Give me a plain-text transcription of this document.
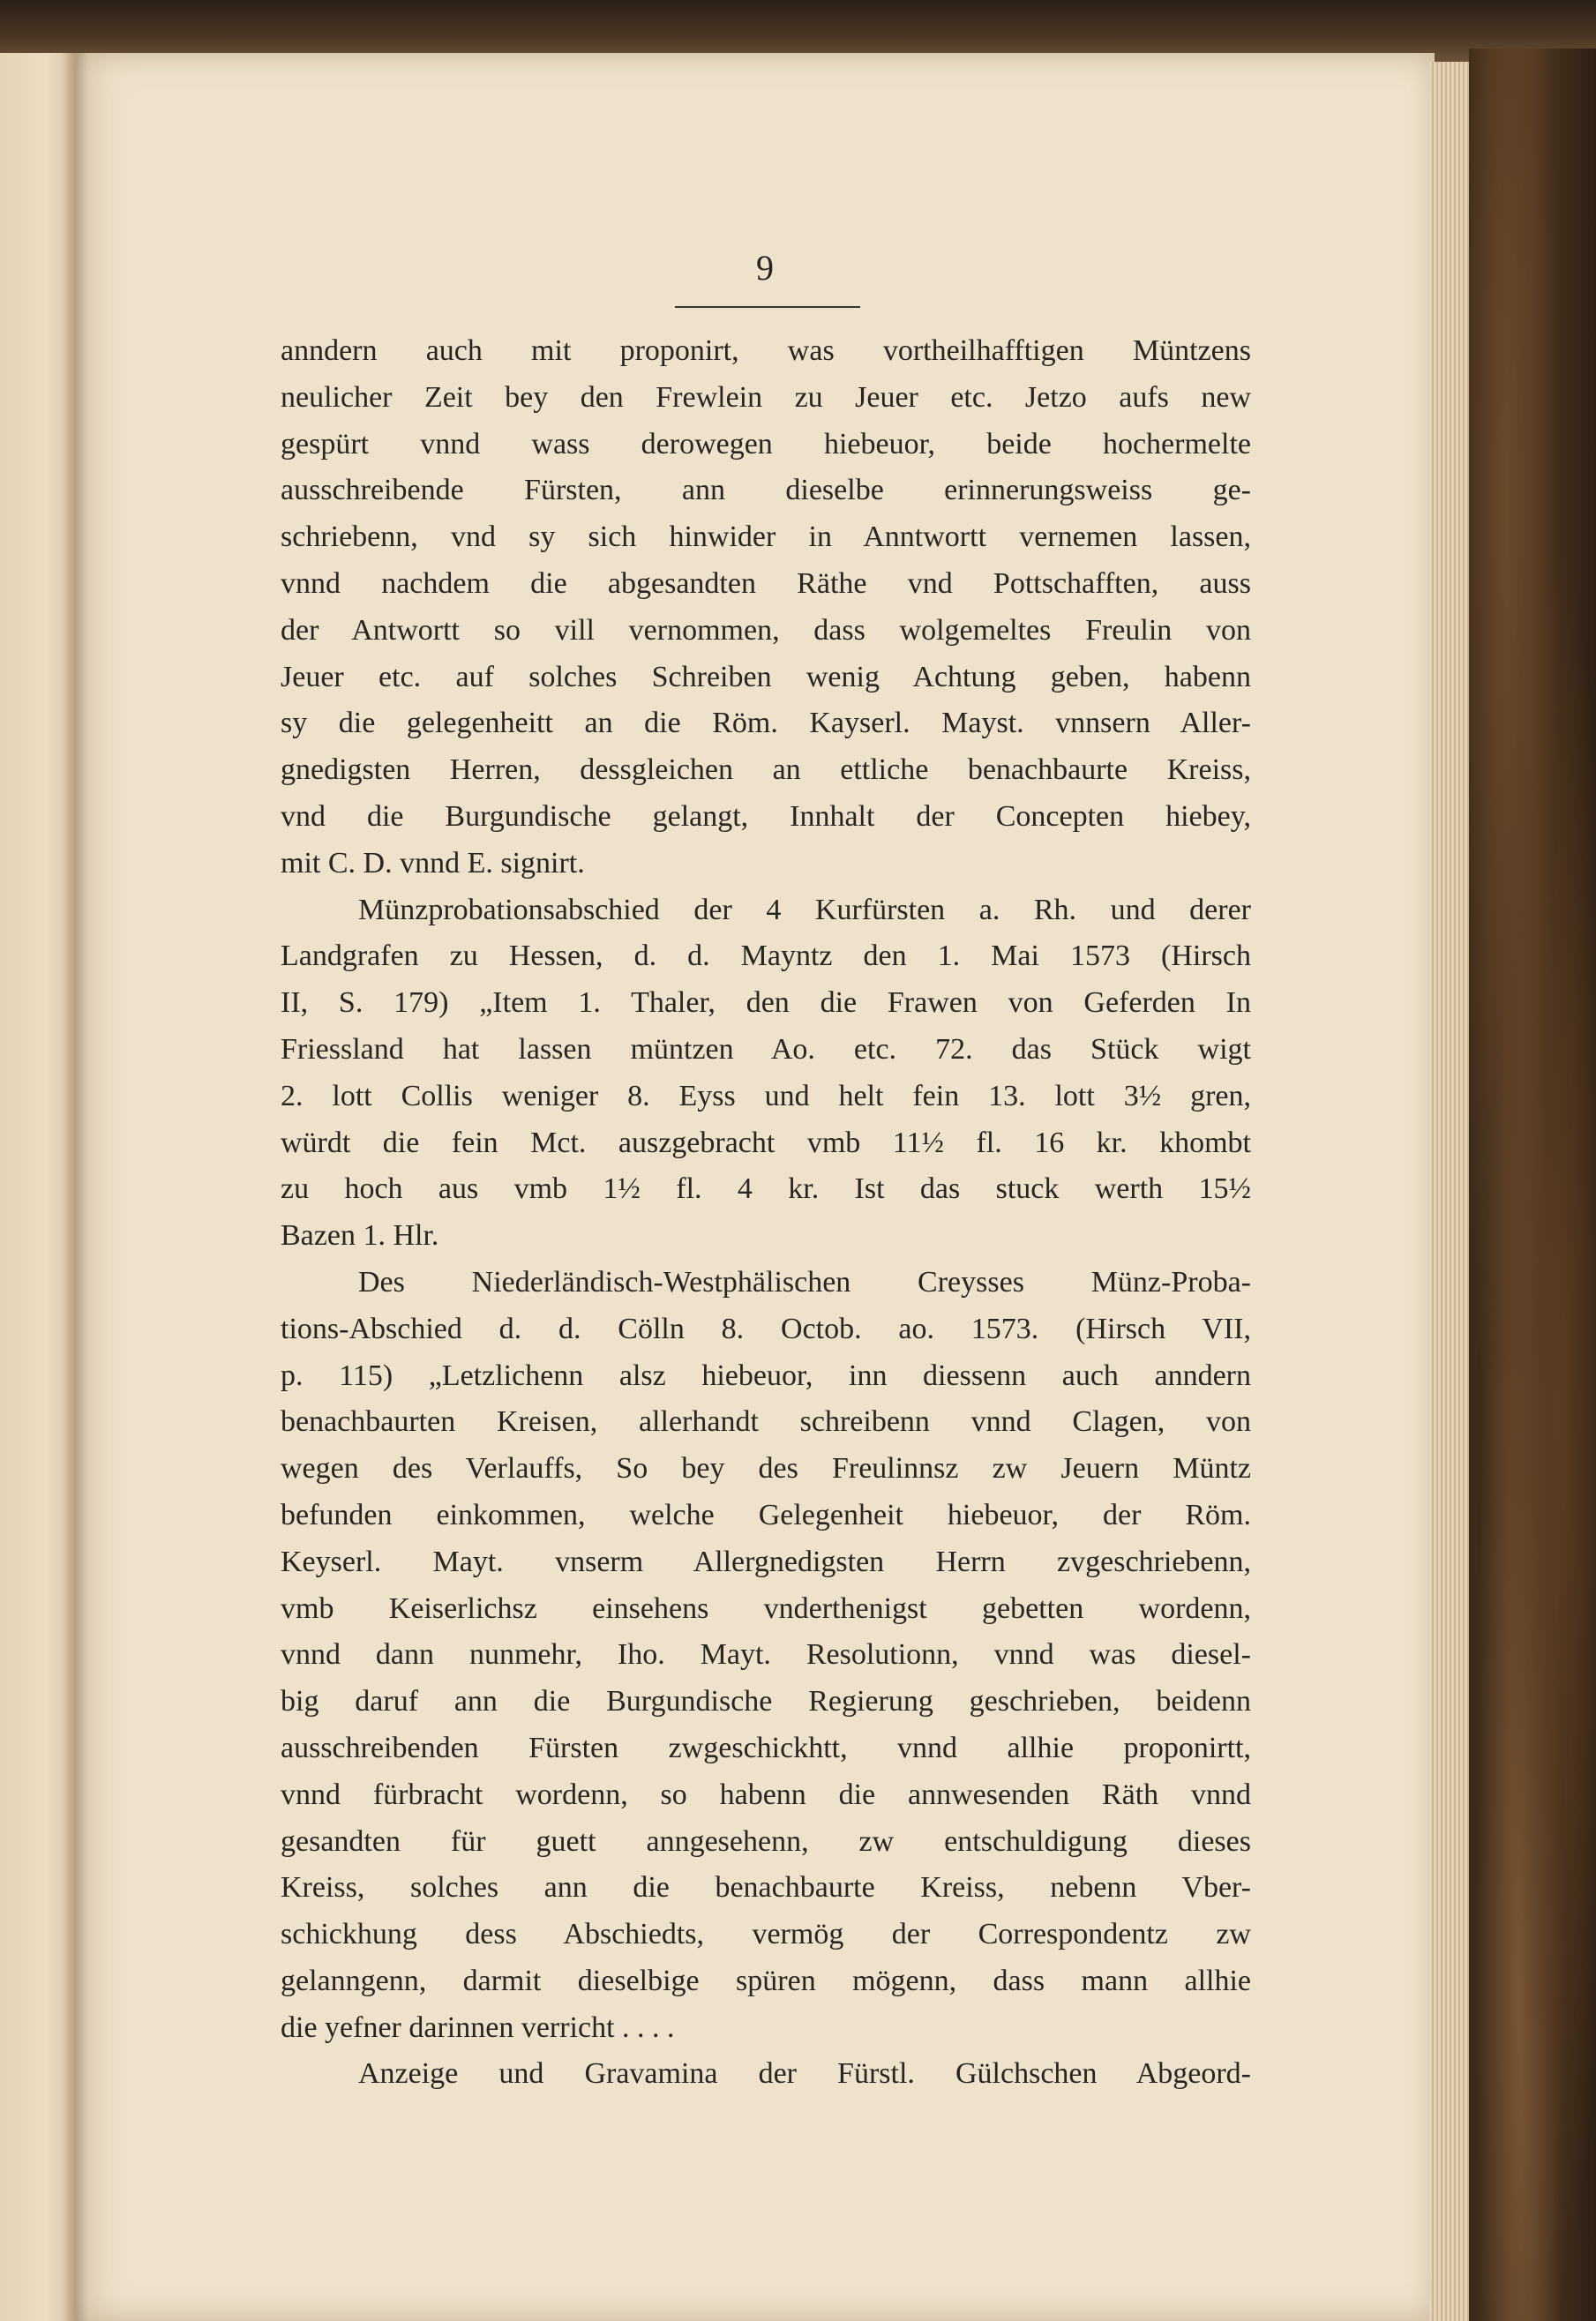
9
anndern auch mit proponirt, was vortheilhafftigen Müntzens
neulicher Zeit bey den Frewlein zu Jeuer etc. Jetzo aufs new
gespürt vnnd wass derowegen hiebeuor, beide hochermelte
ausschreibende Fürsten, ann dieselbe erinnerungsweiss ge-
schriebenn, vnd sy sich hinwider in Anntwortt vernemen lassen,
vnnd nachdem die abgesandten Räthe vnd Pottschafften, auss
der Antwortt so vill vernommen, dass wolgemeltes Freulin von
Jeuer etc. auf solches Schreiben wenig Achtung geben, habenn
sy die gelegenheitt an die Röm. Kayserl. Mayst. vnnsern Aller-
gnedigsten Herren, dessgleichen an ettliche benachbaurte Kreiss,
vnd die Burgundische gelangt, Innhalt der Concepten hiebey,
mit C. D. vnnd E. signirt.
Münzprobationsabschied der 4 Kurfürsten a. Rh. und derer
Landgrafen zu Hessen, d. d. Mayntz den 1. Mai 1573 (Hirsch
II, S. 179) „Item 1. Thaler, den die Frawen von Geferden In
Friessland hat lassen müntzen Ao. etc. 72. das Stück wigt
2. lott Collis weniger 8. Eyss und helt fein 13. lott 3½ gren,
würdt die fein Mct. auszgebracht vmb 11½ fl. 16 kr. khombt
zu hoch aus vmb 1½ fl. 4 kr. Ist das stuck werth 15½
Bazen 1. Hlr.
Des Niederländisch-Westphälischen Creysses Münz-Proba-
tions-Abschied d. d. Cölln 8. Octob. ao. 1573. (Hirsch VII,
p. 115) „Letzlichenn alsz hiebeuor, inn diessenn auch anndern
benachbaurten Kreisen, allerhandt schreibenn vnnd Clagen, von
wegen des Verlauffs, So bey des Freulinnsz zw Jeuern Müntz
befunden einkommen, welche Gelegenheit hiebeuor, der Röm.
Keyserl. Mayt. vnserm Allergnedigsten Herrn zvgeschriebenn,
vmb Keiserlichsz einsehens vnderthenigst gebetten wordenn,
vnnd dann nunmehr, Iho. Mayt. Resolutionn, vnnd was diesel-
big daruf ann die Burgundische Regierung geschrieben, beidenn
ausschreibenden Fürsten zwgeschickhtt, vnnd allhie proponirtt,
vnnd fürbracht wordenn, so habenn die annwesenden Räth vnnd
gesandten für guett anngesehenn, zw entschuldigung dieses
Kreiss, solches ann die benachbaurte Kreiss, nebenn Vber-
schickhung dess Abschiedts, vermög der Correspondentz zw
gelanngenn, darmit dieselbige spüren mögenn, dass mann allhie
die yefner darinnen verricht . . . .
Anzeige und Gravamina der Fürstl. Gülchschen Abgeord-
